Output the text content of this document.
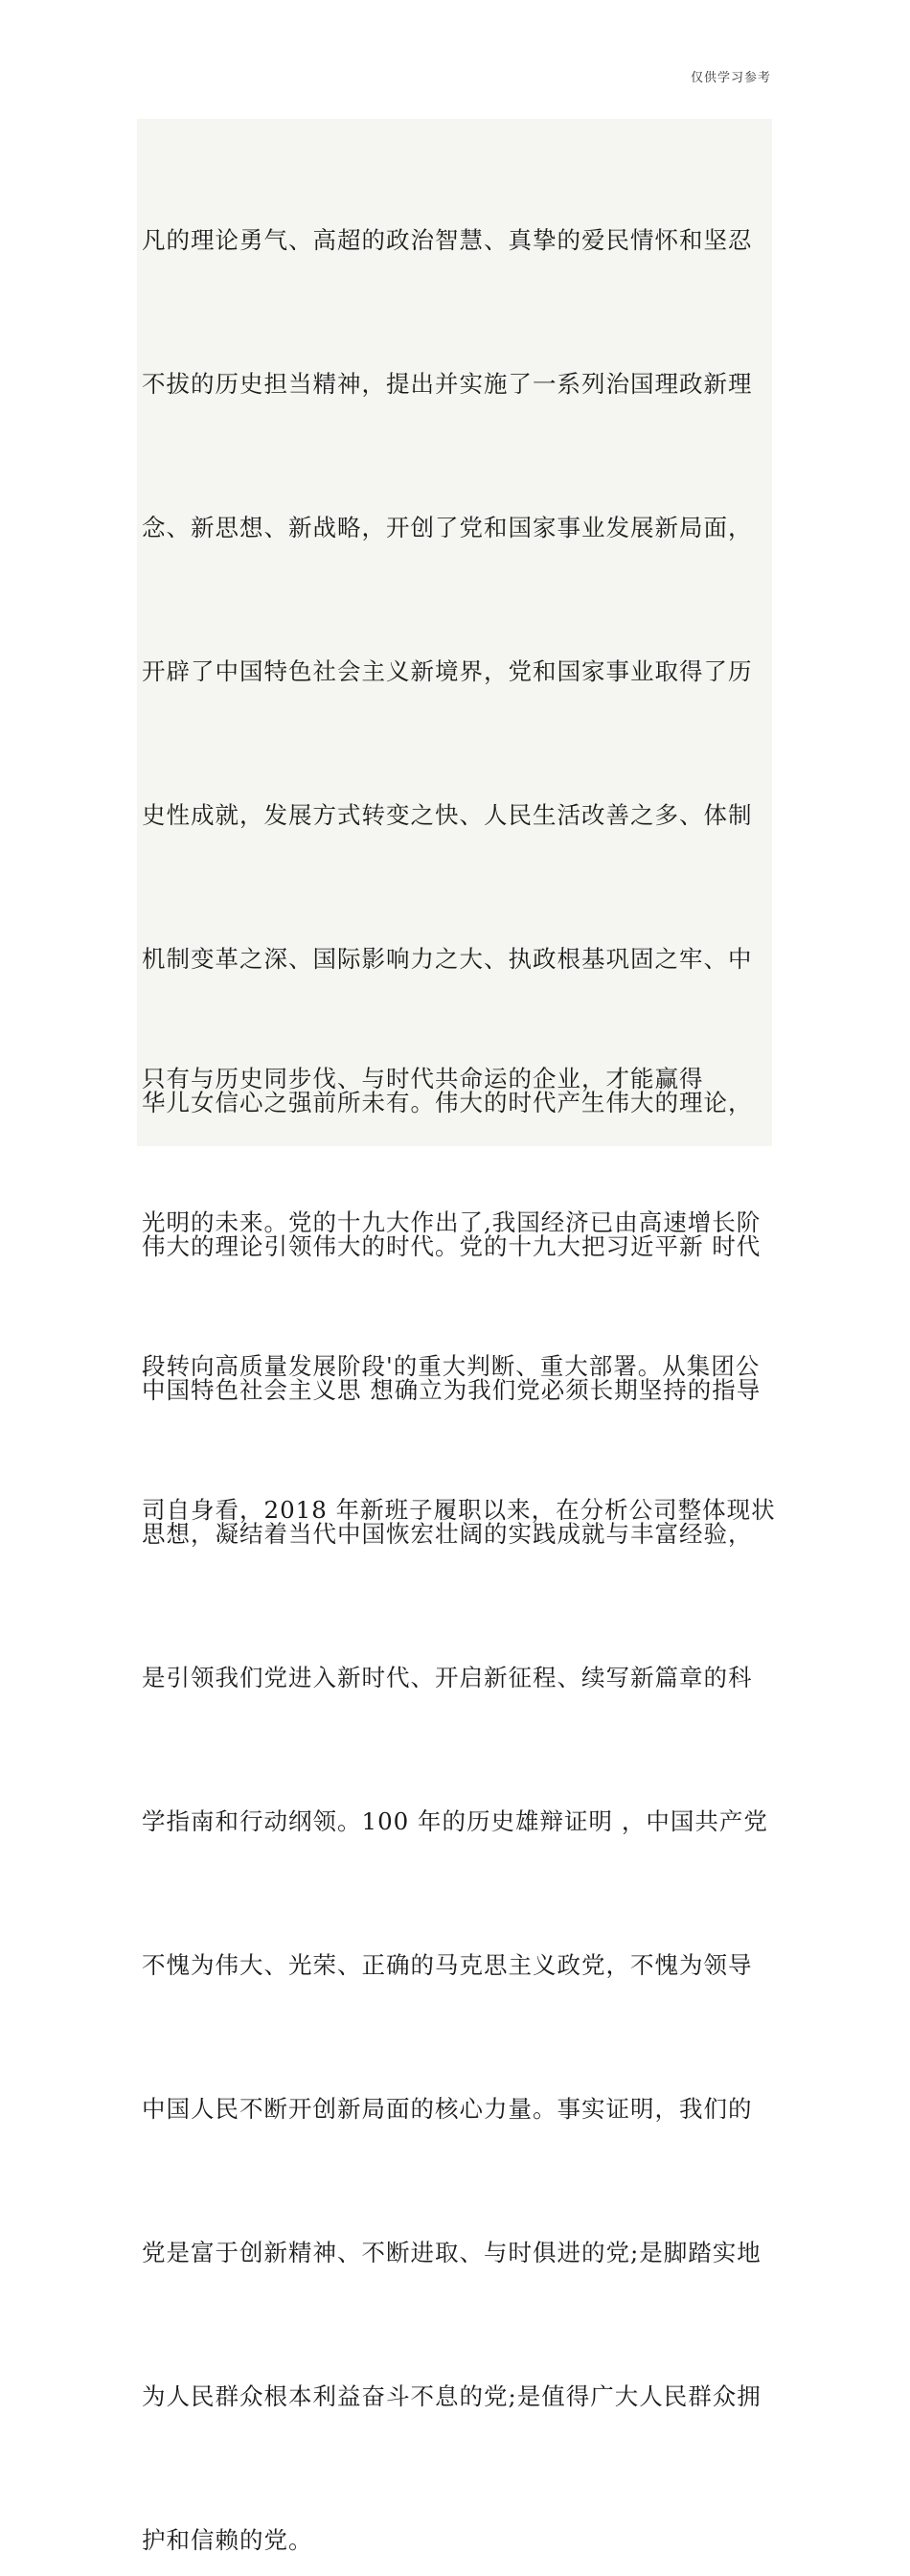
仅供学习参考

凡的理论勇气、高超的政治智慧、真挚的爱民情怀和坚忍

不拔的历史担当精神，提出并实施了一系列治国理政新理

念、新思想、新战略，开创了党和国家事业发展新局面，

开辟了中国特色社会主义新境界，党和国家事业取得了历

史性成就，发展方式转变之快、人民生活改善之多、体制

机制变革之深、国际影响力之大、执政根基巩固之牢、中

华儿女信心之强前所未有。伟大的时代产生伟大的理论，

伟大的理论引领伟大的时代。党的十九大把习近平新 时代

中国特色社会主义思 想确立为我们党必须长期坚持的指导

思想，凝结着当代中国恢宏壮阔的实践成就与丰富经验，

是引领我们党进入新时代、开启新征程、续写新篇章的科

学指南和行动纲领。100 年的历史雄辩证明 ，中国共产党

不愧为伟大、光荣、正确的马克思主义政党，不愧为领导

中国人民不断开创新局面的核心力量。事实证明，我们的

党是富于创新精神、不断进取、与时俱进的党;是脚踏实地

为人民群众根本利益奋斗不息的党;是值得广大人民群众拥

护和信赖的党。

只有与历史同步伐、与时代共命运的企业，才能赢得

光明的未来。党的十九大作出了,我国经济已由高速增长阶

段转向高质量发展阶段'的重大判断、重大部署。从集团公

司自身看，2018 年新班子履职以来，在分析公司整体现状
